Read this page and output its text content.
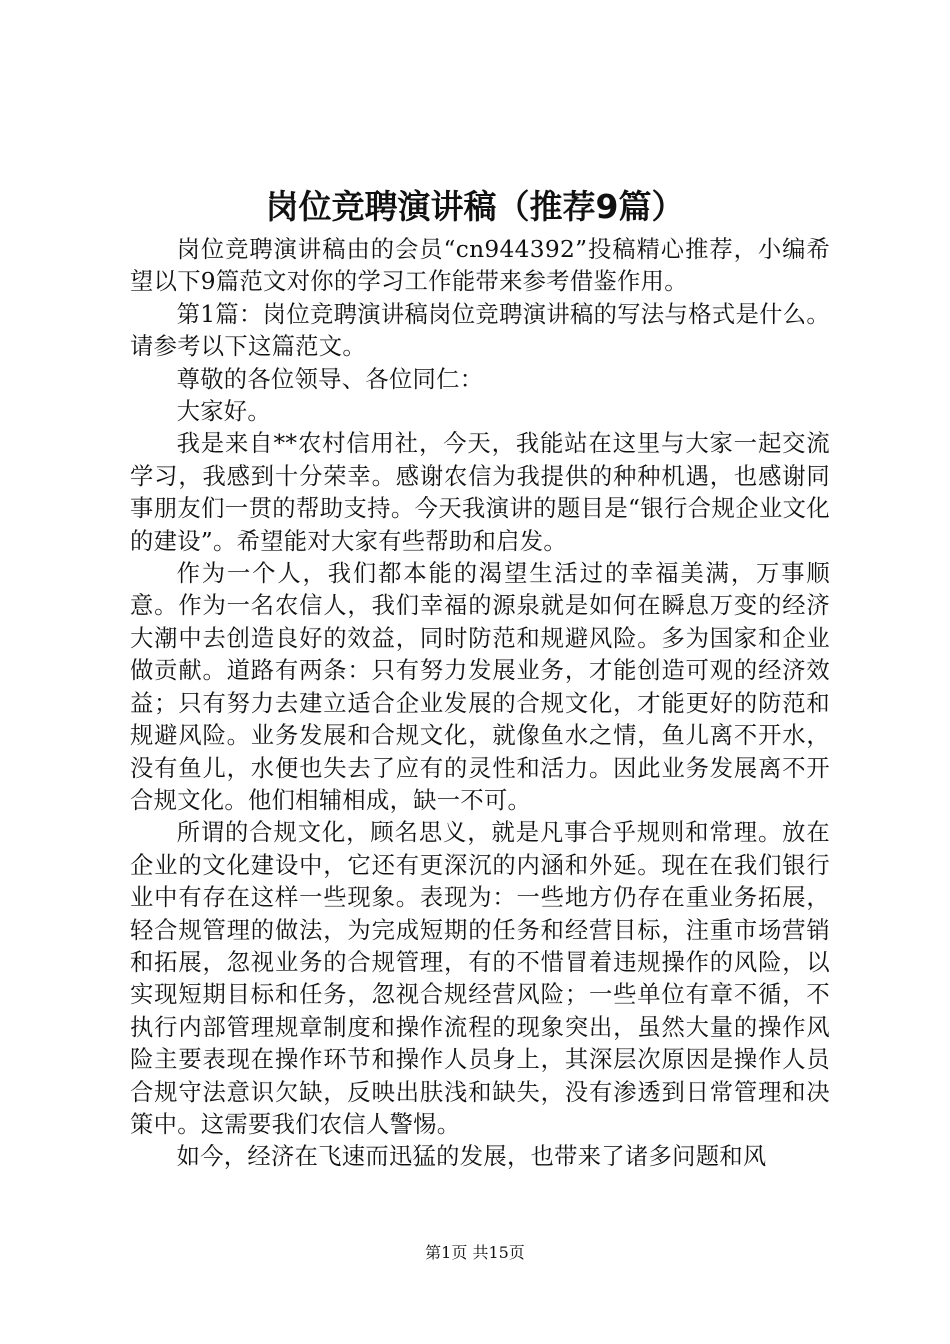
岗位竞聘演讲稿（推荐9篇）

岗位竞聘演讲稿由的会员“cn944392”投稿精心推荐，小编希望以下9篇范文对你的学习工作能带来参考借鉴作用。

第1篇：岗位竞聘演讲稿岗位竞聘演讲稿的写法与格式是什么。请参考以下这篇范文。

尊敬的各位领导、各位同仁：

大家好。

我是来自**农村信用社，今天，我能站在这里与大家一起交流学习，我感到十分荣幸。感谢农信为我提供的种种机遇，也感谢同事朋友们一贯的帮助支持。今天我演讲的题目是“银行合规企业文化的建设”。希望能对大家有些帮助和启发。

作为一个人，我们都本能的渴望生活过的幸福美满，万事顺意。作为一名农信人，我们幸福的源泉就是如何在瞬息万变的经济大潮中去创造良好的效益，同时防范和规避风险。多为国家和企业做贡献。道路有两条：只有努力发展业务，才能创造可观的经济效益；只有努力去建立适合企业发展的合规文化，才能更好的防范和规避风险。业务发展和合规文化，就像鱼水之情，鱼儿离不开水，没有鱼儿，水便也失去了应有的灵性和活力。因此业务发展离不开合规文化。他们相辅相成，缺一不可。

所谓的合规文化，顾名思义，就是凡事合乎规则和常理。放在企业的文化建设中，它还有更深沉的内涵和外延。现在在我们银行业中有存在这样一些现象。表现为：一些地方仍存在重业务拓展，轻合规管理的做法，为完成短期的任务和经营目标，注重市场营销和拓展，忽视业务的合规管理，有的不惜冒着违规操作的风险，以实现短期目标和任务，忽视合规经营风险；一些单位有章不循，不执行内部管理规章制度和操作流程的现象突出，虽然大量的操作风险主要表现在操作环节和操作人员身上，其深层次原因是操作人员合规守法意识欠缺，反映出肤浅和缺失，没有渗透到日常管理和决策中。这需要我们农信人警惕。

如今，经济在飞速而迅猛的发展，也带来了诸多问题和风

第1页 共15页
